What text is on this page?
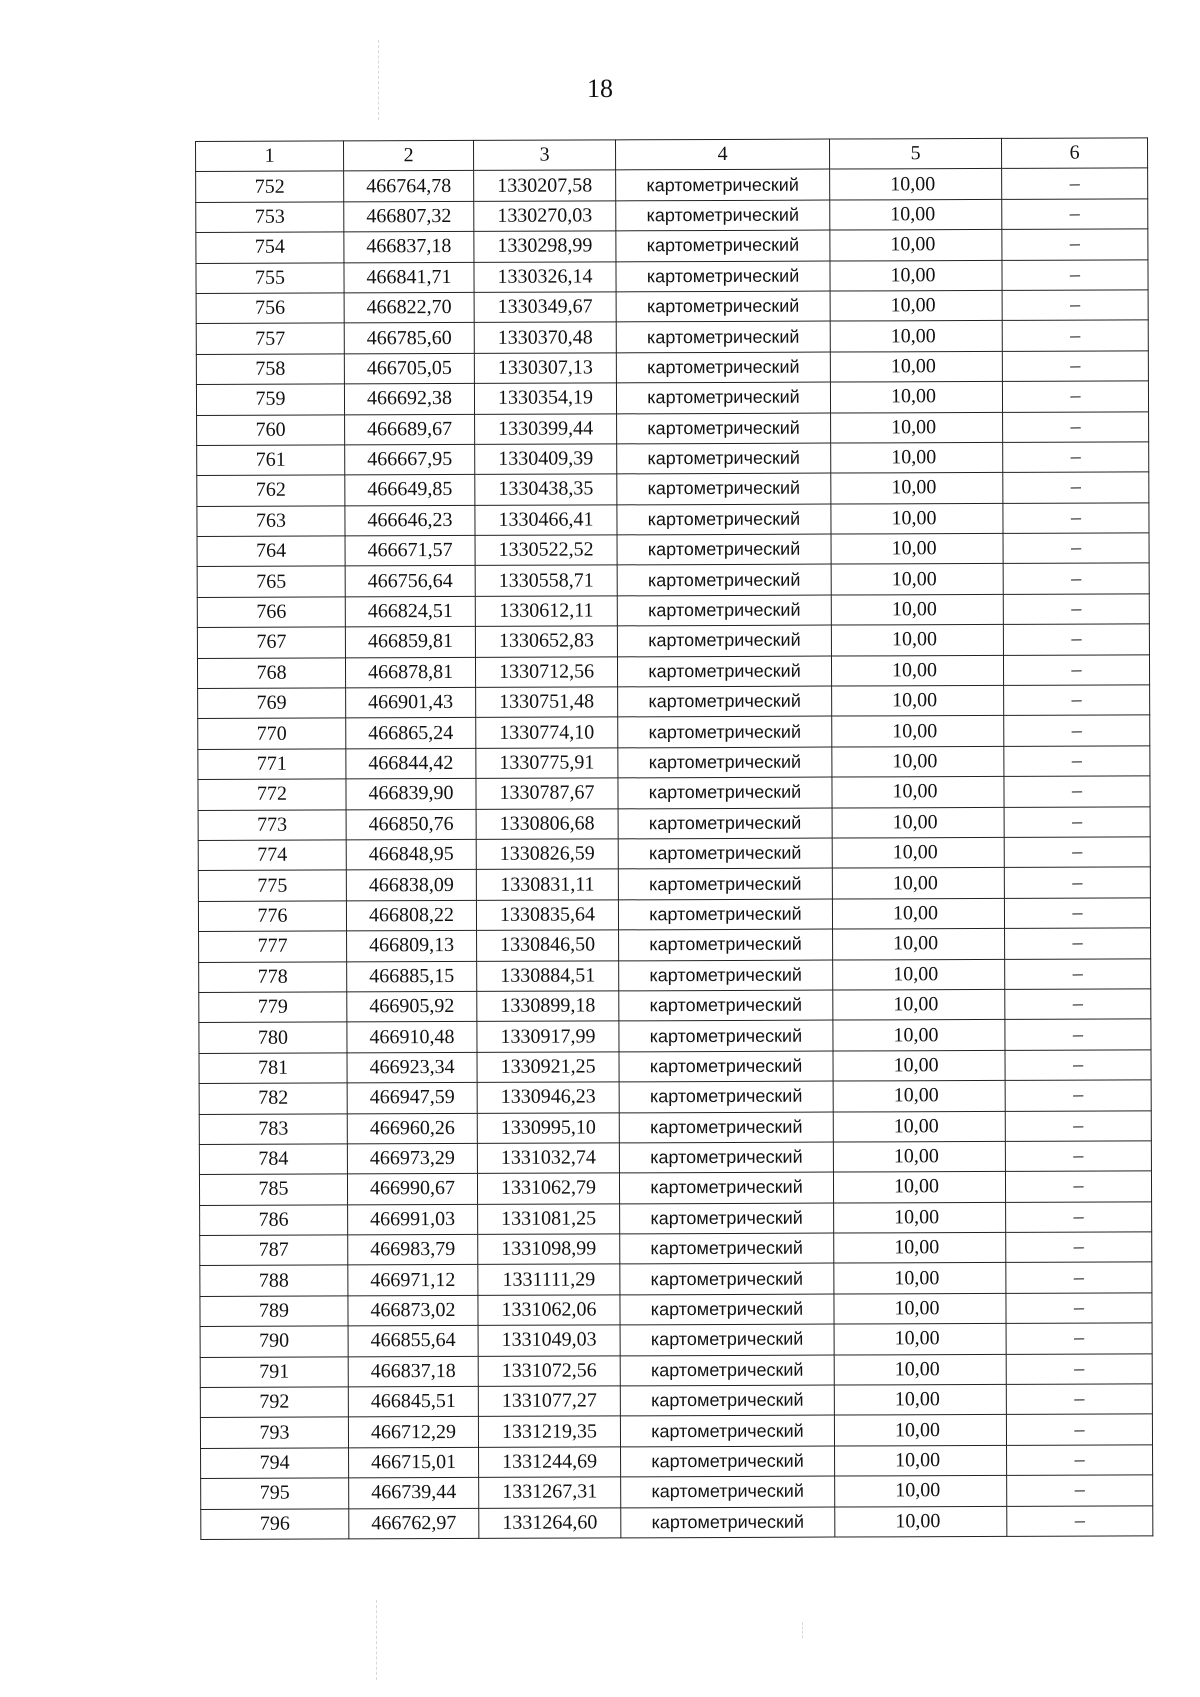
18
1	2	3	4	5	6
752	466764,78	1330207,58	картометрический	10,00	–
753	466807,32	1330270,03	картометрический	10,00	–
754	466837,18	1330298,99	картометрический	10,00	–
755	466841,71	1330326,14	картометрический	10,00	–
756	466822,70	1330349,67	картометрический	10,00	–
757	466785,60	1330370,48	картометрический	10,00	–
758	466705,05	1330307,13	картометрический	10,00	–
759	466692,38	1330354,19	картометрический	10,00	–
760	466689,67	1330399,44	картометрический	10,00	–
761	466667,95	1330409,39	картометрический	10,00	–
762	466649,85	1330438,35	картометрический	10,00	–
763	466646,23	1330466,41	картометрический	10,00	–
764	466671,57	1330522,52	картометрический	10,00	–
765	466756,64	1330558,71	картометрический	10,00	–
766	466824,51	1330612,11	картометрический	10,00	–
767	466859,81	1330652,83	картометрический	10,00	–
768	466878,81	1330712,56	картометрический	10,00	–
769	466901,43	1330751,48	картометрический	10,00	–
770	466865,24	1330774,10	картометрический	10,00	–
771	466844,42	1330775,91	картометрический	10,00	–
772	466839,90	1330787,67	картометрический	10,00	–
773	466850,76	1330806,68	картометрический	10,00	–
774	466848,95	1330826,59	картометрический	10,00	–
775	466838,09	1330831,11	картометрический	10,00	–
776	466808,22	1330835,64	картометрический	10,00	–
777	466809,13	1330846,50	картометрический	10,00	–
778	466885,15	1330884,51	картометрический	10,00	–
779	466905,92	1330899,18	картометрический	10,00	–
780	466910,48	1330917,99	картометрический	10,00	–
781	466923,34	1330921,25	картометрический	10,00	–
782	466947,59	1330946,23	картометрический	10,00	–
783	466960,26	1330995,10	картометрический	10,00	–
784	466973,29	1331032,74	картометрический	10,00	–
785	466990,67	1331062,79	картометрический	10,00	–
786	466991,03	1331081,25	картометрический	10,00	–
787	466983,79	1331098,99	картометрический	10,00	–
788	466971,12	1331111,29	картометрический	10,00	–
789	466873,02	1331062,06	картометрический	10,00	–
790	466855,64	1331049,03	картометрический	10,00	–
791	466837,18	1331072,56	картометрический	10,00	–
792	466845,51	1331077,27	картометрический	10,00	–
793	466712,29	1331219,35	картометрический	10,00	–
794	466715,01	1331244,69	картометрический	10,00	–
795	466739,44	1331267,31	картометрический	10,00	–
796	466762,97	1331264,60	картометрический	10,00	–
